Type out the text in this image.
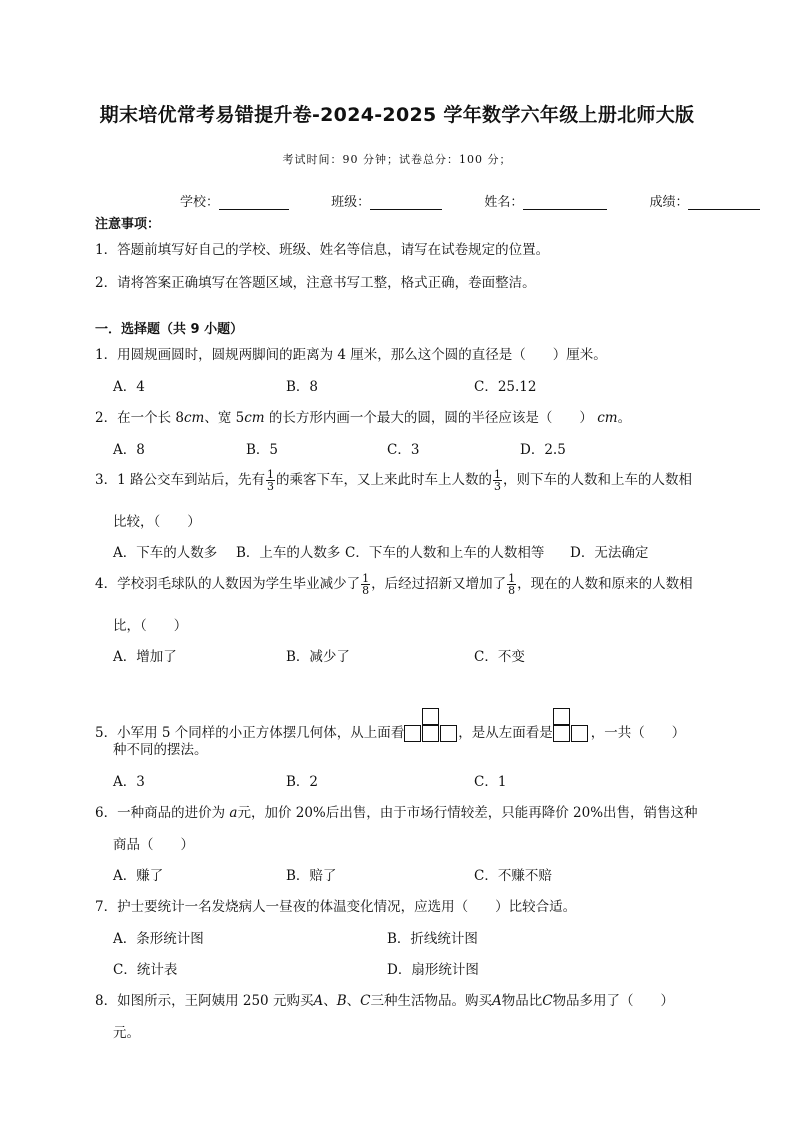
期末培优常考易错提升卷-2024-2025 学年数学六年级上册北师大版
考试时间：90 分钟；试卷总分：100 分；
学校：	班级：	姓名：	成绩：
注意事项：
1．答题前填写好自己的学校、班级、姓名等信息，请写在试卷规定的位置。
2．请将答案正确填写在答题区域，注意书写工整，格式正确，卷面整洁。
一．选择题（共 9 小题）
1．用圆规画圆时，圆规两脚间的距离为 4 厘米，那么这个圆的直径是（　　）厘米。
A．4	B．8	C．25.12
2．在一个长 8cm、宽 5cm 的长方形内画一个最大的圆，圆的半径应该是（　　） cm。
A．8	B．5	C．3	D．2.5
3．1 路公交车到站后，先有 $\frac{1}{3}$ 的乘客下车，又上来此时车上人数的 $\frac{1}{3}$ ，则下车的人数和上车的人数相
比较，（　　）
A．下车的人数多 B．上车的人数多 C．下车的人数和上车的人数相等 D．无法确定
4．学校羽毛球队的人数因为学生毕业减少了 $\frac{1}{8}$ ，后经过招新又增加了 $\frac{1}{8}$ ，现在的人数和原来的人数相
比，（　　）
A．增加了	B．减少了	C．不变
5．小军用 5 个同样的小正方体摆几何体，从上面看	，是从左面看是	，一共（　　）
种不同的摆法。
A．3	B．2	C．1
6．一种商品的进价为 a元，加价 20%后出售，由于市场行情较差，只能再降价 20%出售，销售这种
商品（　　）
A．赚了	B．赔了	C．不赚不赔
7．护士要统计一名发烧病人一昼夜的体温变化情况，应选用（　　）比较合适。
A．条形统计图	B．折线统计图
C．统计表	D．扇形统计图
8．如图所示，王阿姨用 250 元购买A、B、C三种生活物品。购买A物品比C物品多用了（　　）
元。
